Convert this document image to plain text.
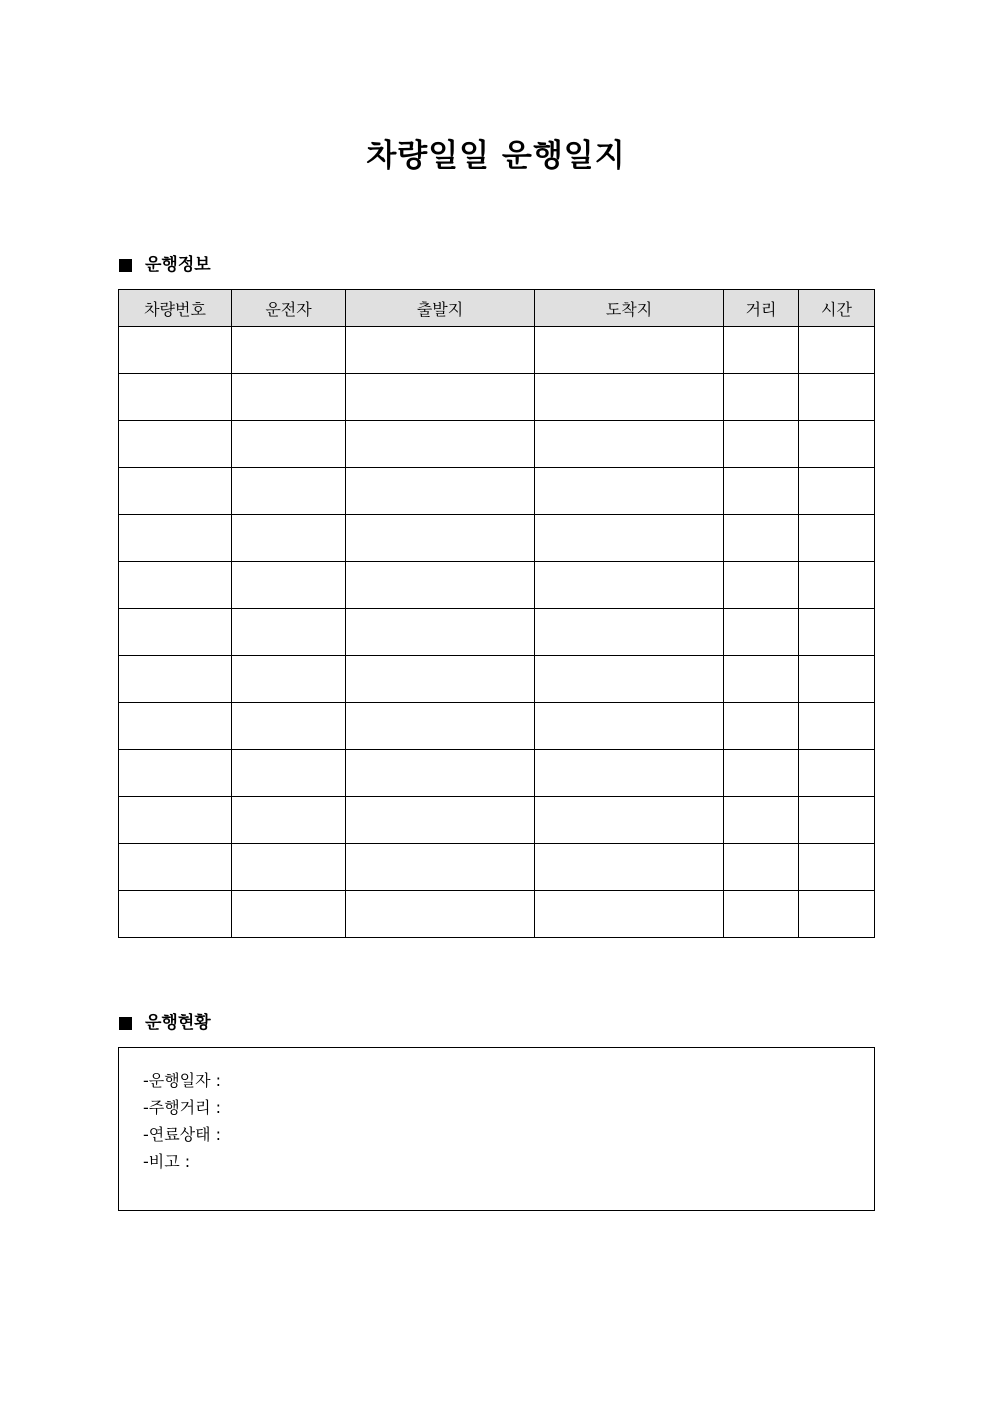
차량일일 운행일지
운행정보
차량번호	운전자	출발지	도착지	거리	시간

운행현황
-운행일자 :
-주행거리 :
-연료상태 :
-비고 :
